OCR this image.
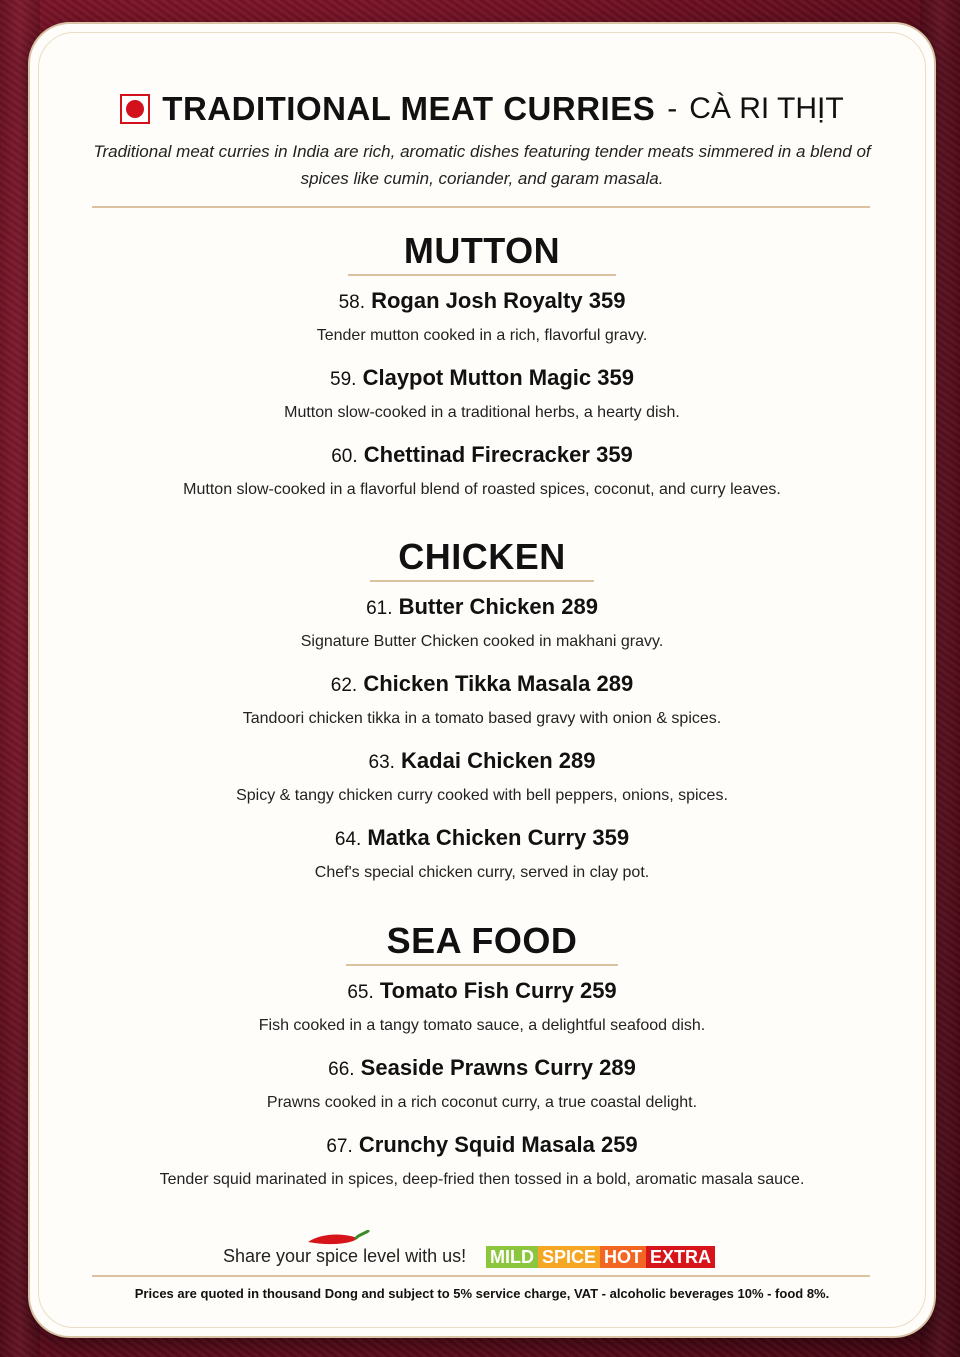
TRADITIONAL MEAT CURRIES - CÀ RI THỊT
Traditional meat curries in India are rich, aromatic dishes featuring tender meats simmered in a blend of spices like cumin, coriander, and garam masala.
MUTTON
58. Rogan Josh Royalty 359
Tender mutton cooked in a rich, flavorful gravy.
59. Claypot Mutton Magic 359
Mutton slow-cooked in a traditional herbs, a hearty dish.
60. Chettinad Firecracker 359
Mutton slow-cooked in a flavorful blend of roasted spices, coconut, and curry leaves.
CHICKEN
61. Butter Chicken 289
Signature Butter Chicken cooked in makhani gravy.
62. Chicken Tikka Masala 289
Tandoori chicken tikka in a tomato based gravy with onion & spices.
63. Kadai Chicken 289
Spicy & tangy chicken curry cooked with bell peppers, onions, spices.
64. Matka Chicken Curry 359
Chef's special chicken curry, served in clay pot.
SEA FOOD
65. Tomato Fish Curry 259
Fish cooked in a tangy tomato sauce, a delightful seafood dish.
66. Seaside Prawns Curry 289
Prawns cooked in a rich coconut curry, a true coastal delight.
67. Crunchy Squid Masala 259
Tender squid marinated in spices, deep-fried then tossed in a bold, aromatic masala sauce.
Share your spice level with us! MILD SPICE HOT EXTRA
Prices are quoted in thousand Dong and subject to 5% service charge, VAT - alcoholic beverages 10% - food 8%.
